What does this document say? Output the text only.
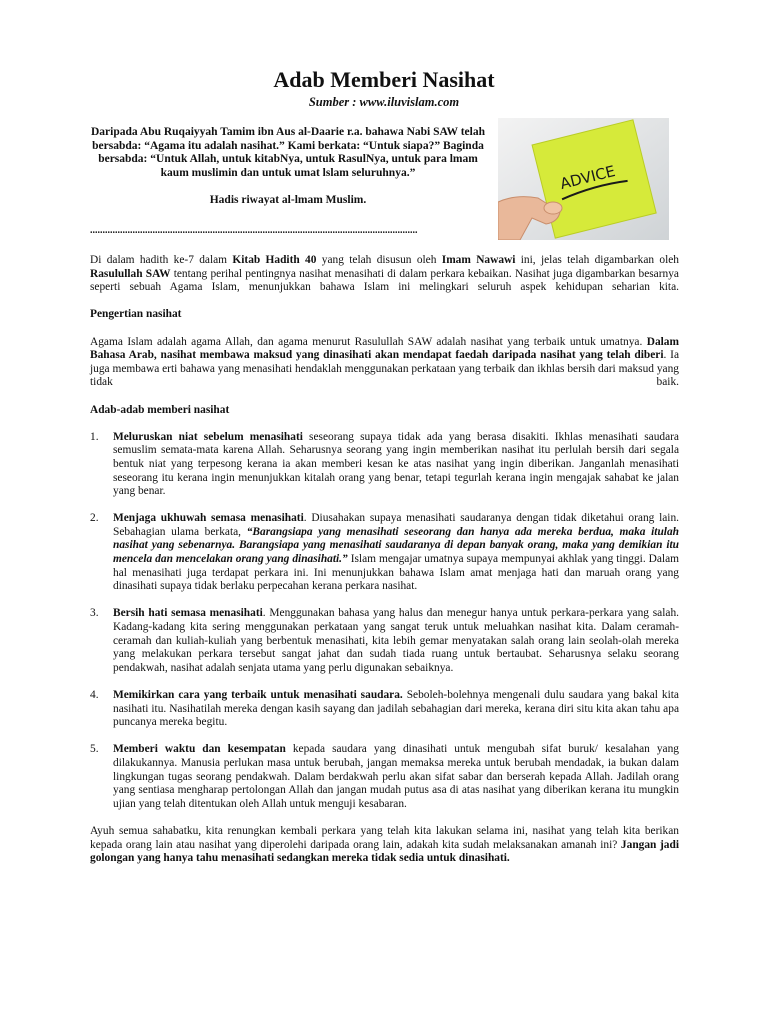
Adab Memberi Nasihat
Sumber : www.iluvislam.com

Daripada Abu Ruqaiyyah Tamim ibn Aus al-Daarie r.a. bahawa Nabi SAW telah bersabda: “Agama itu adalah nasihat.” Kami berkata: “Untuk siapa?” Baginda bersabda: “Untuk Allah, untuk kitabNya, untuk RasulNya, untuk para lmam kaum muslimin dan untuk umat lslam seluruhnya.”

Hadis riwayat al-lmam Muslim.

...................................................................................................................................
ADVICE

Di dalam hadith ke-7 dalam Kitab Hadith 40 yang telah disusun oleh Imam Nawawi ini, jelas telah digambarkan oleh Rasulullah SAW tentang perihal pentingnya nasihat menasihati di dalam perkara kebaikan. Nasihat juga digambarkan besarnya seperti sebuah Agama Islam, menunjukkan bahawa Islam ini melingkari seluruh aspek kehidupan seharian kita.

Pengertian nasihat

Agama Islam adalah agama Allah, dan agama menurut Rasulullah SAW adalah nasihat yang terbaik untuk umatnya. Dalam Bahasa Arab, nasihat membawa maksud yang dinasihati akan mendapat faedah daripada nasihat yang telah diberi. Ia juga membawa erti bahawa yang menasihati hendaklah menggunakan perkataan yang terbaik dan ikhlas bersih dari maksud yang tidak baik.

Adab-adab memberi nasihat

1. Meluruskan niat sebelum menasihati seseorang supaya tidak ada yang berasa disakiti. Ikhlas menasihati saudara semuslim semata-mata karena Allah. Seharusnya seorang yang ingin memberikan nasihat itu perlulah bersih dari segala bentuk niat yang terpesong kerana ia akan memberi kesan ke atas nasihat yang ingin diberikan. Janganlah menasihati seseorang itu kerana ingin menunjukkan kitalah orang yang benar, tetapi tegurlah kerana ingin mengajak sahabat ke jalan yang benar.
2. Menjaga ukhuwah semasa menasihati. Diusahakan supaya menasihati saudaranya dengan tidak diketahui orang lain. Sebahagian ulama berkata, “Barangsiapa yang menasihati seseorang dan hanya ada mereka berdua, maka itulah nasihat yang sebenarnya. Barangsiapa yang menasihati saudaranya di depan banyak orang, maka yang demikian itu mencela dan mencelakan orang yang dinasihati.” Islam mengajar umatnya supaya mempunyai akhlak yang tinggi. Dalam hal menasihati juga terdapat perkara ini. Ini menunjukkan bahawa Islam amat menjaga hati dan maruah orang yang dinasihati supaya tidak berlaku perpecahan kerana perkara nasihat.
3. Bersih hati semasa menasihati. Menggunakan bahasa yang halus dan menegur hanya untuk perkara-perkara yang salah. Kadang-kadang kita sering menggunakan perkataan yang sangat teruk untuk meluahkan nasihat kita. Dalam ceramah-ceramah dan kuliah-kuliah yang berbentuk menasihati, kita lebih gemar menyatakan salah orang lain seolah-olah mereka yang melakukan perkara tersebut sangat jahat dan sudah tiada ruang untuk bertaubat. Seharusnya selaku seorang pendakwah, nasihat adalah senjata utama yang perlu digunakan sebaiknya.
4. Memikirkan cara yang terbaik untuk menasihati saudara. Seboleh-bolehnya mengenali dulu saudara yang bakal kita nasihati itu. Nasihatilah mereka dengan kasih sayang dan jadilah sebahagian dari mereka, kerana diri situ kita akan tahu apa puncanya mereka begitu.
5. Memberi waktu dan kesempatan kepada saudara yang dinasihati untuk mengubah sifat buruk/ kesalahan yang dilakukannya. Manusia perlukan masa untuk berubah, jangan memaksa mereka untuk berubah mendadak, ia bukan dalam lingkungan tugas seorang pendakwah. Dalam berdakwah perlu akan sifat sabar dan berserah kepada Allah. Jadilah orang yang sentiasa mengharap pertolongan Allah dan jangan mudah putus asa di atas nasihat yang diberikan kerana itu mungkin ujian yang telah ditentukan oleh Allah untuk menguji kesabaran.

Ayuh semua sahabatku, kita renungkan kembali perkara yang telah kita lakukan selama ini, nasihat yang telah kita berikan kepada orang lain atau nasihat yang diperolehi daripada orang lain, adakah kita sudah melaksanakan amanah ini? Jangan jadi golongan yang hanya tahu menasihati sedangkan mereka tidak sedia untuk dinasihati.
